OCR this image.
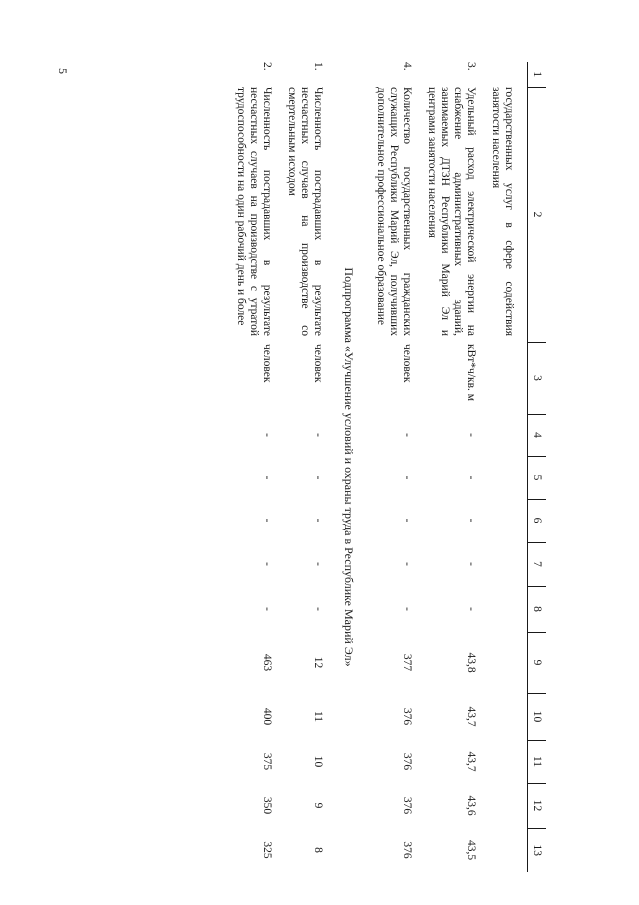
5
1	2	3	4	5	6	7	8	9	10	11	12	13
	государственных услуг в сфере содействия занятости населения											
3.	Удельный расход электрической энергии на снабжение административных зданий, занимаемых ДТЗН Республики Марий Эл и центрами занятости населения	кВт*ч/кв. м	-	-	-	-	-	43,8	43,7	43,7	43,6	43,5
4.	Количество государственных гражданских служащих Республики Марий Эл, получивших дополнительное профессиональное образование	человек	-	-	-	-	-	377	376	376	376	376
Подпрограмма «Улучшение условий и охраны труда в Республике Марий Эл»												
1.	Численность пострадавших в результате несчастных случаев на производстве со смертельным исходом	человек	-	-	-	-	-	12	11	10	9	8
2.	Численность пострадавших в результате несчастных случаев на производстве с утратой трудоспособности на один рабочий день и более	человек	-	-	-	-	-	463	400	375	350	325
